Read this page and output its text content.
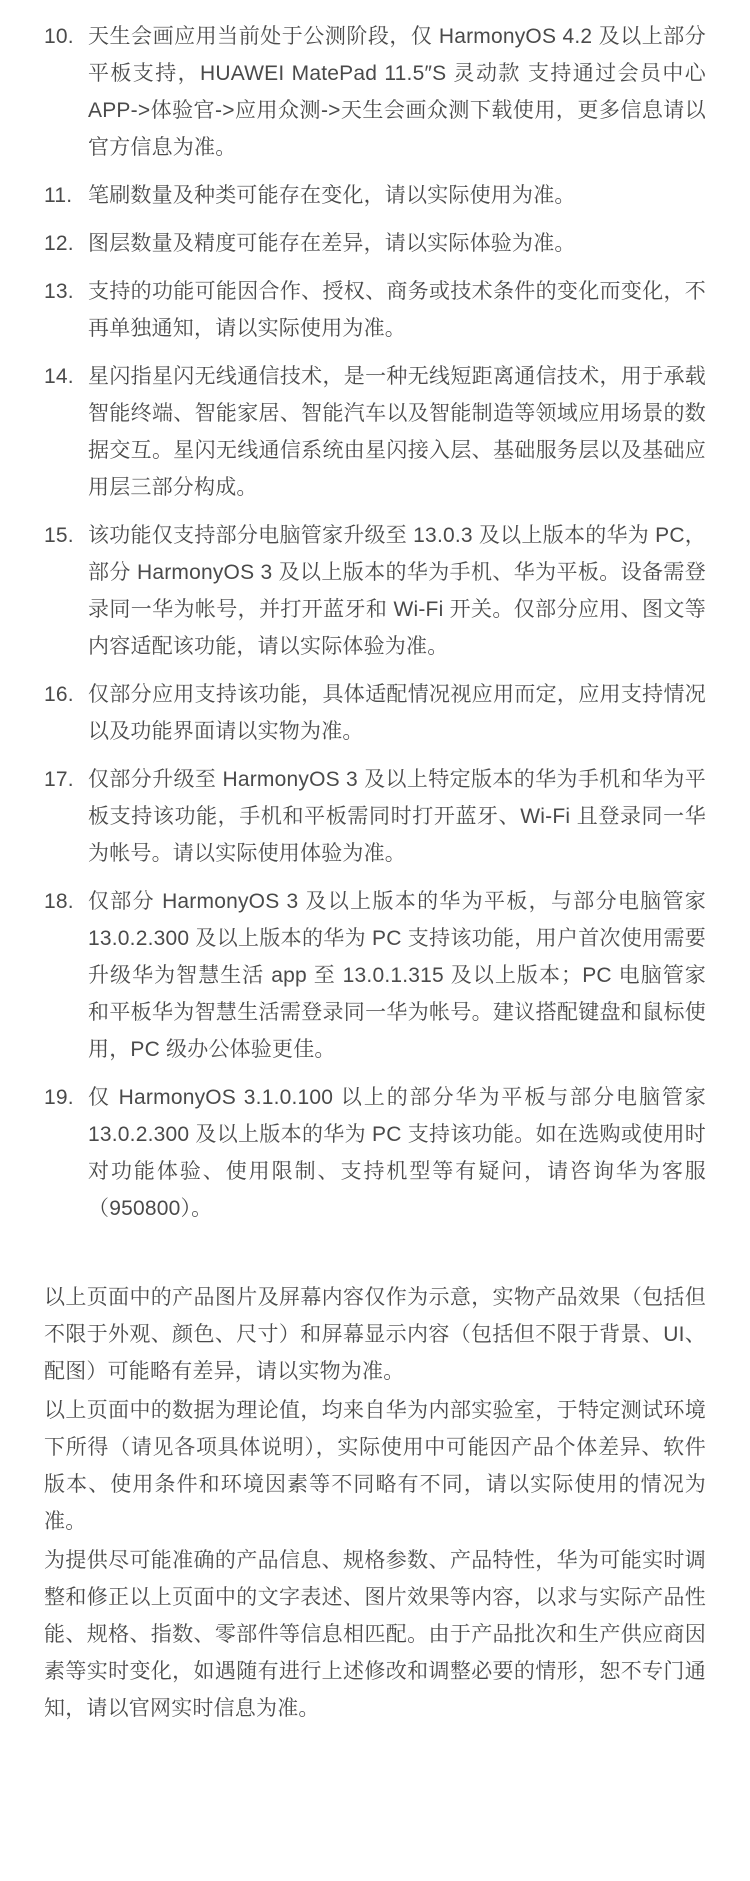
10. 天生会画应用当前处于公测阶段，仅 HarmonyOS 4.2 及以上部分平板支持，HUAWEI MatePad 11.5″S 灵动款 支持通过会员中心APP->体验官->应用众测->天生会画众测下载使用，更多信息请以官方信息为准。
11. 笔刷数量及种类可能存在变化，请以实际使用为准。
12. 图层数量及精度可能存在差异，请以实际体验为准。
13. 支持的功能可能因合作、授权、商务或技术条件的变化而变化，不再单独通知，请以实际使用为准。
14. 星闪指星闪无线通信技术，是一种无线短距离通信技术，用于承载智能终端、智能家居、智能汽车以及智能制造等领域应用场景的数据交互。星闪无线通信系统由星闪接入层、基础服务层以及基础应用层三部分构成。
15. 该功能仅支持部分电脑管家升级至 13.0.3 及以上版本的华为 PC，部分 HarmonyOS 3 及以上版本的华为手机、华为平板。设备需登录同一华为帐号，并打开蓝牙和 Wi-Fi 开关。仅部分应用、图文等内容适配该功能，请以实际体验为准。
16. 仅部分应用支持该功能，具体适配情况视应用而定，应用支持情况以及功能界面请以实物为准。
17. 仅部分升级至 HarmonyOS 3 及以上特定版本的华为手机和华为平板支持该功能，手机和平板需同时打开蓝牙、Wi-Fi 且登录同一华为帐号。请以实际使用体验为准。
18. 仅部分 HarmonyOS 3 及以上版本的华为平板，与部分电脑管家 13.0.2.300 及以上版本的华为 PC 支持该功能，用户首次使用需要升级华为智慧生活 app 至 13.0.1.315 及以上版本；PC 电脑管家和平板华为智慧生活需登录同一华为帐号。建议搭配键盘和鼠标使用，PC 级办公体验更佳。
19. 仅 HarmonyOS 3.1.0.100 以上的部分华为平板与部分电脑管家 13.0.2.300 及以上版本的华为 PC 支持该功能。如在选购或使用时对功能体验、使用限制、支持机型等有疑问，请咨询华为客服（950800）。

以上页面中的产品图片及屏幕内容仅作为示意，实物产品效果（包括但不限于外观、颜色、尺寸）和屏幕显示内容（包括但不限于背景、UI、配图）可能略有差异，请以实物为准。

以上页面中的数据为理论值，均来自华为内部实验室，于特定测试环境下所得（请见各项具体说明），实际使用中可能因产品个体差异、软件版本、使用条件和环境因素等不同略有不同，请以实际使用的情况为准。

为提供尽可能准确的产品信息、规格参数、产品特性，华为可能实时调整和修正以上页面中的文字表述、图片效果等内容，以求与实际产品性能、规格、指数、零部件等信息相匹配。由于产品批次和生产供应商因素等实时变化，如遇随有进行上述修改和调整必要的情形，恕不专门通知，请以官网实时信息为准。
